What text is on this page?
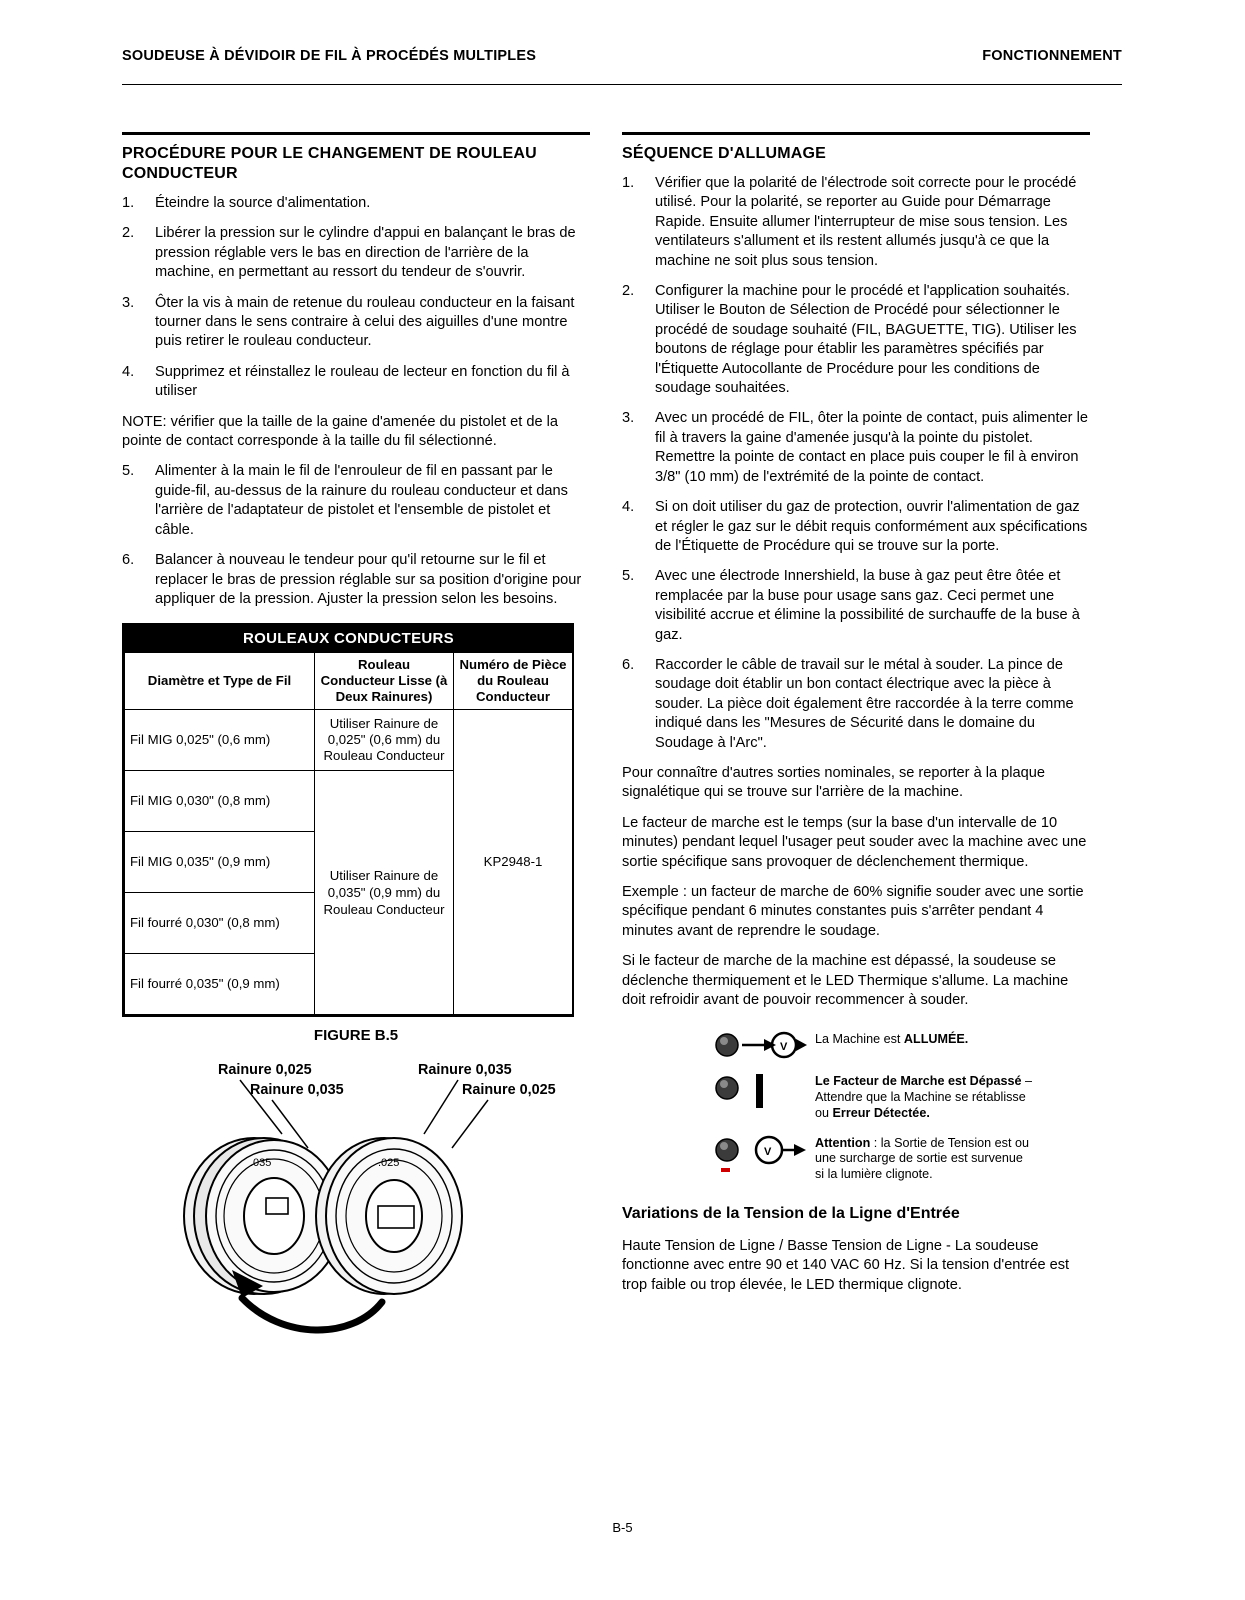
SOUDEUSE À DÉVIDOIR DE FIL À PROCÉDÉS MULTIPLES	FONCTIONNEMENT
PROCÉDURE POUR LE CHANGEMENT DE ROULEAU CONDUCTEUR
1.	Éteindre la source d'alimentation.
2.	Libérer la pression sur le cylindre d'appui en balançant le bras de pression réglable vers le bas en direction de l'arrière de la machine, en permettant au ressort du tendeur de s'ouvrir.
3.	Ôter la vis à main de retenue du rouleau conducteur en la faisant tourner dans le sens contraire à celui des aiguilles d'une montre puis retirer le rouleau conducteur.
4.	Supprimez et réinstallez le rouleau de lecteur en fonction du fil à utiliser

NOTE: vérifier que la taille de la gaine d'amenée du pistolet et de la pointe de contact corresponde à la taille du fil sélectionné.

5.	Alimenter à la main le fil de l'enrouleur de fil en passant par le guide-fil, au-dessus de la rainure du rouleau conducteur et dans l'arrière de l'adaptateur de pistolet et l'ensemble de pistolet et câble.
6.	Balancer à nouveau le tendeur pour qu'il retourne sur le fil et replacer le bras de pression réglable sur sa position d'origine pour appliquer de la pression. Ajuster la pression selon les besoins.
ROULEAUX CONDUCTEURS		
Diamètre et Type de Fil	Rouleau Conducteur Lisse (à Deux Rainures)	Numéro de Pièce du Rouleau Conducteur
Fil MIG 0,025" (0,6 mm)	Utiliser Rainure de 0,025" (0,6 mm) du Rouleau Conducteur	KP2948-1
Fil MIG 0,030" (0,8 mm)	Utiliser Rainure de 0,035" (0,9 mm) du Rouleau Conducteur	
Fil MIG 0,035" (0,9 mm)		
Fil fourré 0,030" (0,8 mm)		
Fil fourré 0,035" (0,9 mm)		
FIGURE B.5
Rainure 0,025
Rainure 0,035
Rainure 0,035
Rainure 0,025
.035	.025
SÉQUENCE D'ALLUMAGE
1.	Vérifier que la polarité de l'électrode soit correcte pour le procédé utilisé. Pour la polarité, se reporter au Guide pour Démarrage Rapide. Ensuite allumer l'interrupteur de mise sous tension. Les ventilateurs s'allument et ils restent allumés jusqu'à ce que la machine ne soit plus sous tension.
2.	Configurer la machine pour le procédé et l'application souhaités. Utiliser le Bouton de Sélection de Procédé pour sélectionner le procédé de soudage souhaité (FIL, BAGUETTE, TIG). Utiliser les boutons de réglage pour établir les paramètres spécifiés par l'Étiquette Autocollante de Procédure pour les conditions de soudage souhaitées.
3.	Avec un procédé de FIL, ôter la pointe de contact, puis alimenter le fil à travers la gaine d'amenée jusqu'à la pointe du pistolet. Remettre la pointe de contact en place puis couper le fil à environ 3/8" (10 mm) de l'extrémité de la pointe de contact.
4.	Si on doit utiliser du gaz de protection, ouvrir l'alimentation de gaz et régler le gaz sur le débit requis conformément aux spécifications de l'Étiquette de Procédure qui se trouve sur la porte.
5.	Avec une électrode Innershield, la buse à gaz peut être ôtée et remplacée par la buse pour usage sans gaz. Ceci permet une visibilité accrue et élimine la possibilité de surchauffe de la buse à gaz.
6.	Raccorder le câble de travail sur le métal à souder. La pince de soudage doit établir un bon contact électrique avec la pièce à souder. La pièce doit également être raccordée à la terre comme indiqué dans les "Mesures de Sécurité dans le domaine du Soudage à l'Arc".

Pour connaître d'autres sorties nominales, se reporter à la plaque signalétique qui se trouve sur l'arrière de la machine.

Le facteur de marche est le temps (sur la base d'un intervalle de 10 minutes) pendant lequel l'usager peut souder avec la machine avec une sortie spécifique sans provoquer de déclenchement thermique.

Exemple : un facteur de marche de 60% signifie souder avec une sortie spécifique pendant 6 minutes constantes puis s'arrêter pendant 4 minutes avant de reprendre le soudage.

Si le facteur de marche de la machine est dépassé, la soudeuse se déclenche thermiquement et le LED Thermique s'allume. La machine doit refroidir avant de pouvoir recommencer à souder.

V
La Machine est ALLUMÉE.
Le Facteur de Marche est Dépassé –
Attendre que la Machine se rétablisse
ou Erreur Détectée.
V
Attention : la Sortie de Tension est ou
une surcharge de sortie est survenue
si la lumière clignote.
Variations de la Tension de la Ligne d'Entrée

Haute Tension de Ligne / Basse Tension de Ligne - La soudeuse fonctionne avec entre 90 et 140 VAC 60 Hz. Si la tension d'entrée est trop faible ou trop élevée, le LED thermique clignote.

B-5
